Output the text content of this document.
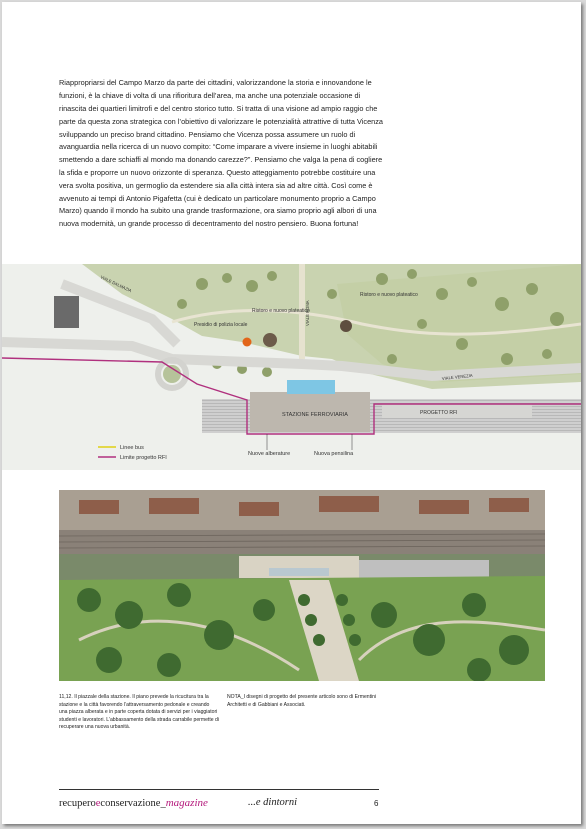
Riappropriarsi del Campo Marzo da parte dei cittadini, valorizzandone la storia e innovandone le funzioni, è la chiave di volta di una rifioritura dell’area, ma anche una potenziale occasione di rinascita dei quartieri limitrofi e del centro storico tutto. Si tratta di una visione ad ampio raggio che parte da questa zona strategica con l’obiettivo di valorizzare le potenzialità attrattive di tutta Vicenza sviluppando un preciso brand cittadino. Pensiamo che Vicenza possa assumere un ruolo di avanguardia nella ricerca di un nuovo compito: “Come imparare a vivere insieme in luoghi abitabili smettendo a dare schiaffi al mondo ma donando carezze?”. Pensiamo che valga la pena di cogliere la sfida e proporre un nuovo orizzonte di speranza. Questo atteggiamento potrebbe costituire una vera svolta positiva, un germoglio da estendere sia alla città intera sia ad altre città. Così come è avvenuto ai tempi di Antonio Pigafetta (cui è dedicato un particolare monumento proprio a Campo Marzo) quando il mondo ha subito una grande trasformazione, ora siamo proprio agli albori di una nuova modernità, un grande processo di decentramento del nostro pensiero. Buona fortuna!

VIALE DALMAZIA
VIALE ROMA
VIALE VENEZIA
Ristoro e nuovo plateatico
Ristoro e nuovo plateatico
Presidio di polizia locale
STAZIONE FERROVIARIA	PROGETTO RFI
Nuove alberature	Nuova pensilina
Linee bus
Limite progetto RFI

11,12. Il piazzale della stazione. Il piano prevede la ricucitura tra la stazione e la città favorendo l’attraversamento pedonale e creando una piazza alberata e in parte coperta dotata di servizi per i viaggiatori studenti e lavoratori. L’abbassamento della strada carrabile permette di recuperare una nuova urbanità.

NOTA_I disegni di progetto del presente articolo sono di Ermentini Architetti e di Gabbiani e Associati.

recuperoeconservazione_magazine	...e dintorni	6
